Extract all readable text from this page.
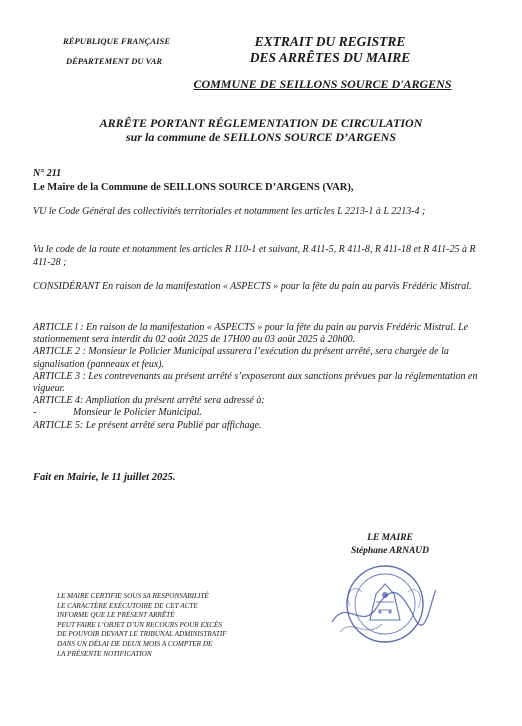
RÉPUBLIQUE FRANÇAISE
DÉPARTEMENT DU VAR
EXTRAIT DU REGISTRE
DES ARRÊTES DU MAIRE
COMMUNE DE SEILLONS SOURCE D'ARGENS
ARRÊTE PORTANT RÉGLEMENTATION DE CIRCULATION
sur la commune de SEILLONS SOURCE D’ARGENS
N° 211
Le Maire de la Commune de SEILLONS SOURCE D’ARGENS (VAR),
VU le Code Général des collectivités territoriales et notamment les articles L 2213-1 à L 2213-4 ;
Vu le code de la route et notamment les articles R 110-1 et suivant, R 411-5, R 411-8, R 411-18 et R 411-25 à R 411-28 ;
CONSIDÉRANT En raison de la manifestation « ASPECTS » pour la fête du pain au parvis Frédéric Mistral.
ARTICLE l : En raison de la manifestation « ASPECTS » pour la fête du pain au parvis Frédéric Mistral. Le stationnement sera interdit du 02 août 2025 de 17H00 au 03 août 2025 à 20h00.
ARTICLE 2 : Monsieur le Policier Municipal assurera l’exécution du présent arrêté, sera chargée de la signalisation (panneaux et feux).
ARTICLE 3 : Les contrevenants au présent arrêté s’exposeront aux sanctions prévues par la réglementation en vigueur.
ARTICLE 4: Ampliation du présent arrêté sera adressé à:
-	Monsieur le Policier Municipal.
ARTICLE 5: Le présent arrêté sera Publié par affichage.
Fait en Mairie, le 11 juillet 2025.
LE MAIRE
Stéphane ARNAUD
LE MAIRE CERTIFIE SOUS SA RESPONSABILITÉ
LE CARACTÈRE EXÉCUTOIRE DE CET ACTE
INFORME QUE LE PRÉSENT ARRÊTÉ
PEUT FAIRE L’OBJET D’UN RECOURS POUR EXCÈS
DE POUVOIR DEVANT LE TRIBUNAL ADMINISTRATIF
DANS UN DÉLAI DE DEUX MOIS A COMPTER DE
LA PRÉSENTE NOTIFICATION
